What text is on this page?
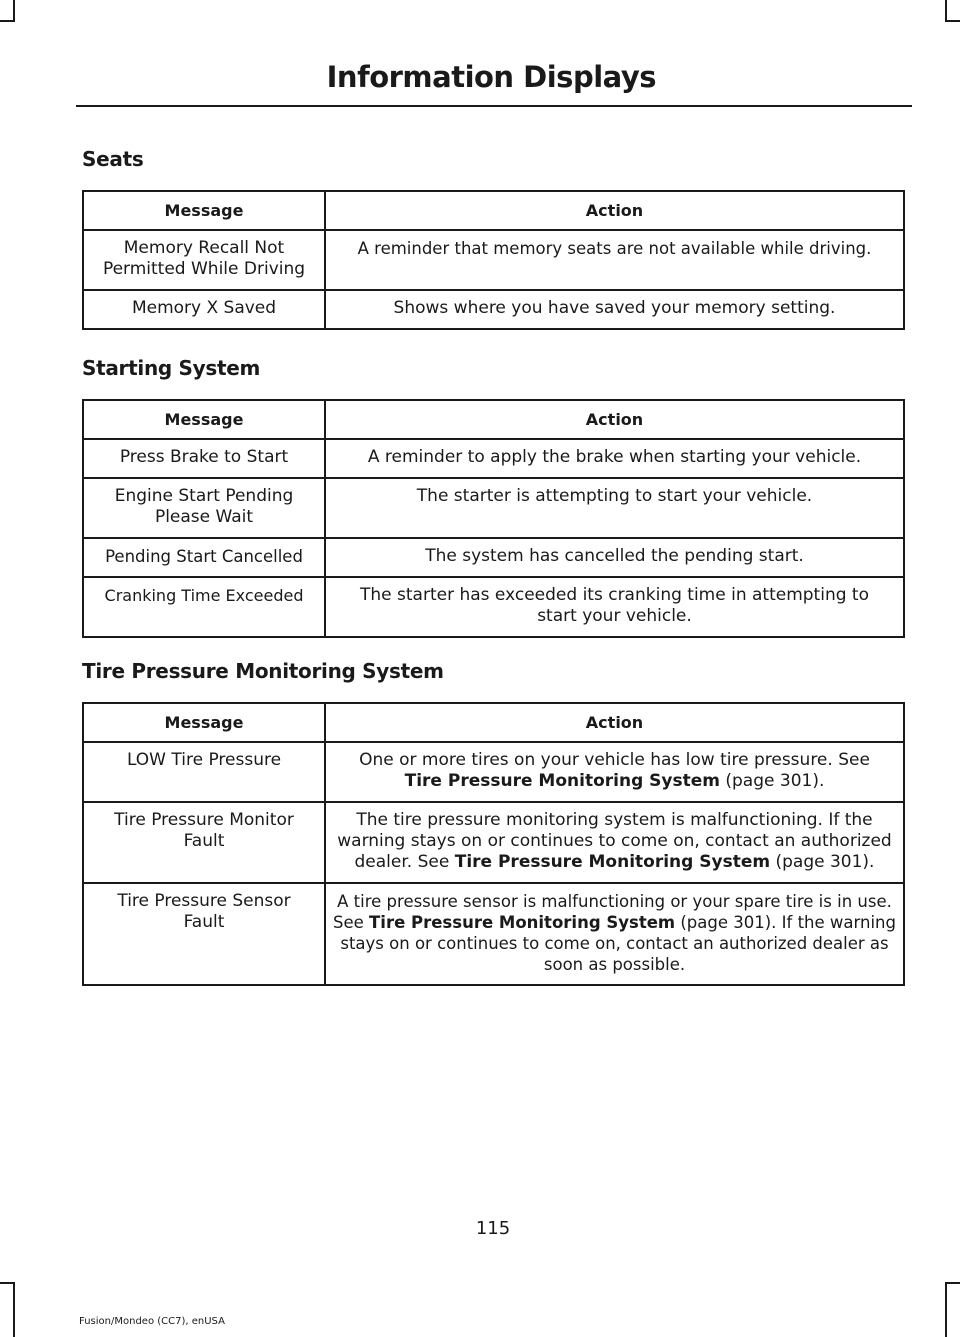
Information Displays
Seats
Message	Action
Memory Recall Not Permitted While Driving	A reminder that memory seats are not available while driving.
Memory X Saved	Shows where you have saved your memory setting.
Starting System
Message	Action
Press Brake to Start	A reminder to apply the brake when starting your vehicle.
Engine Start Pending Please Wait	The starter is attempting to start your vehicle.
Pending Start Cancelled	The system has cancelled the pending start.
Cranking Time Exceeded	The starter has exceeded its cranking time in attempting to start your vehicle.
Tire Pressure Monitoring System
Message	Action
LOW Tire Pressure	One or more tires on your vehicle has low tire pressure. See Tire Pressure Monitoring System (page 301).
Tire Pressure Monitor Fault	The tire pressure monitoring system is malfunctioning. If the warning stays on or continues to come on, contact an authorized dealer. See Tire Pressure Monitoring System (page 301).
Tire Pressure Sensor Fault	A tire pressure sensor is malfunctioning or your spare tire is in use. See Tire Pressure Monitoring System (page 301). If the warning stays on or continues to come on, contact an authorized dealer as soon as possible.
115
Fusion/Mondeo (CC7), enUSA
